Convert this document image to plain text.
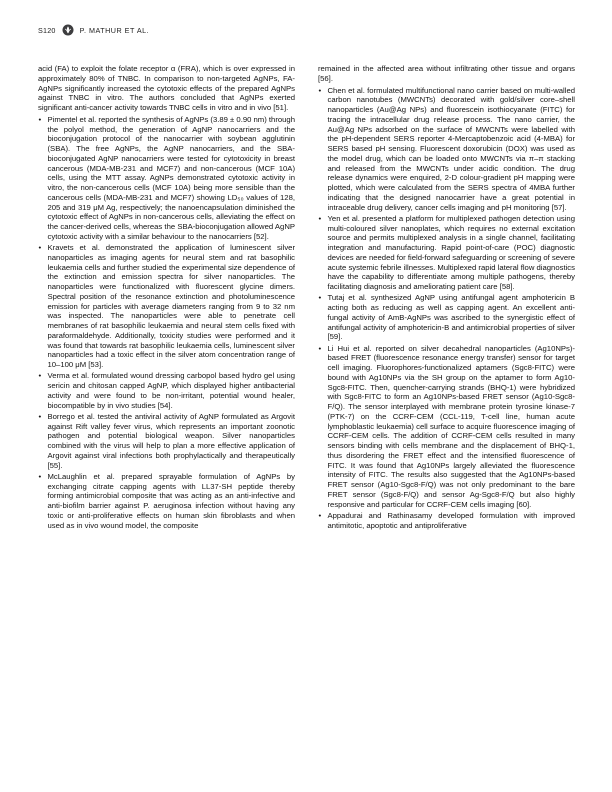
S120	P. MATHUR ET AL.

acid (FA) to exploit the folate receptor α (FRA), which is over expressed in approximately 80% of TNBC. In comparison to non-targeted AgNPs, FA-AgNPs significantly increased the cytotoxic effects of the prepared AgNPs against TNBC in vitro. The authors concluded that AgNPs exerted significant anti-cancer activity towards TNBC cells in vitro and in vivo [51].

• Pimentel et al. reported the synthesis of AgNPs (3.89 ± 0.90 nm) through the polyol method, the generation of AgNP nanocarriers and the bioconjugation protocol of the nanocarrier with soybean agglutinin (SBA). The free AgNPs, the AgNP nanocarriers, and the SBA-bioconjugated AgNP nanocarriers were tested for cytotoxicity in breast cancerous (MDA-MB-231 and MCF7) and non-cancerous (MCF 10A) cells, using the MTT assay. AgNPs demonstrated cytotoxic activity in vitro, the non-cancerous cells (MCF 10A) being more sensible than the cancerous cells (MDA-MB-231 and MCF7) showing LD₅₀ values of 128, 205 and 319 μM Ag, respectively; the nanoencapsulation diminished the cytotoxic effect of AgNPs in non-cancerous cells, alleviating the effect on the cancer-derived cells, whereas the SBA-bioconjugation allowed AgNP cytotoxic activity with a similar behaviour to the nanocarriers [52].
• Kravets et al. demonstrated the application of luminescent silver nanoparticles as imaging agents for neural stem and rat basophilic leukaemia cells and further studied the experimental size dependence of the extinction and emission spectra for silver nanoparticles. The nanoparticles were functionalized with fluorescent glycine dimers. Spectral position of the resonance extinction and photoluminescence emission for particles with average diameters ranging from 9 to 32 nm was inspected. The nanoparticles were able to penetrate cell membranes of rat basophilic leukaemia and neural stem cells fixed with paraformaldehyde. Additionally, toxicity studies were performed and it was found that towards rat basophilic leukaemia cells, luminescent silver nanoparticles had a toxic effect in the silver atom concentration range of 10–100 μM [53].
• Verma et al. formulated wound dressing carbopol based hydro gel using sericin and chitosan capped AgNP, which displayed higher antibacterial activity and were found to be non-irritant, potential wound healer, biocompatible by in vivo studies [54].
• Borrego et al. tested the antiviral activity of AgNP formulated as Argovit against Rift valley fever virus, which represents an important zoonotic pathogen and potential biological weapon. Silver nanoparticles combined with the virus will help to plan a more effective application of Argovit against viral infections both prophylactically and therapeutically [55].
• McLaughlin et al. prepared sprayable formulation of AgNPs by exchanging citrate capping agents with LL37-SH peptide thereby forming antimicrobial composite that was acting as an anti-infective and anti-biofilm barrier against P. aeruginosa infection without having any toxic or anti-proliferative effects on human skin fibroblasts and when used as in vivo wound model, the composite

remained in the affected area without infiltrating other tissue and organs [56].

• Chen et al. formulated multifunctional nano carrier based on multi-walled carbon nanotubes (MWCNTs) decorated with gold/silver core–shell nanoparticles (Au@Ag NPs) and fluorescein isothiocyanate (FITC) for tracing the intracellular drug release process. The nano carrier, the Au@Ag NPs adsorbed on the surface of MWCNTs were labelled with the pH-dependent SERS reporter 4-Mercaptobenzoic acid (4-MBA) for SERS based pH sensing. Fluorescent doxorubicin (DOX) was used as the model drug, which can be loaded onto MWCNTs via π–π stacking and released from the MWCNTs under acidic condition. The drug release dynamics were enquired, 2-D colour-gradient pH mapping were plotted, which were calculated from the SERS spectra of 4MBA further indicating that the designed nanocarrier have a great potential in intraceable drug delivery, cancer cells imaging and pH monitoring [57].
• Yen et al. presented a platform for multiplexed pathogen detection using multi-coloured silver nanoplates, which requires no external excitation source and permits multiplexed analysis in a single channel, facilitating integration and manufacturing. Rapid point-of-care (POC) diagnostic devices are needed for field-forward safeguarding or screening of severe acute systemic febrile illnesses. Multiplexed rapid lateral flow diagnostics have the capability to differentiate among multiple pathogens, thereby facilitating diagnosis and ameliorating patient care [58].
• Tutaj et al. synthesized AgNP using antifungal agent amphotericin B acting both as reducing as well as capping agent. An excellent anti-fungal activity of AmB-AgNPs was ascribed to the synergistic effect of antifungal activity of amphotericin-B and antimicrobial properties of silver [59].
• Li Hui et al. reported on silver decahedral nanoparticles (Ag10NPs)-based FRET (fluorescence resonance energy transfer) sensor for target cell imaging. Fluorophores-functionalized aptamers (Sgc8-FITC) were bound with Ag10NPs via the SH group on the aptamer to form Ag10-Sgc8-FITC. Then, quencher-carrying strands (BHQ-1) were hybridized with Sgc8-FITC to form an Ag10NPs-based FRET sensor (Ag10-Sgc8-F/Q). The sensor interplayed with membrane protein tyrosine kinase-7 (PTK-7) on the CCRF-CEM (CCL-119, T-cell line, human acute lymphoblastic leukaemia) cell surface to acquire fluorescence imaging of CCRF-CEM cells. The addition of CCRF-CEM cells resulted in many sensors binding with cells membrane and the displacement of BHQ-1, thus disordering the FRET effect and the intensified fluorescence of FITC. It was found that Ag10NPs largely alleviated the fluorescence intensity of FITC. The results also suggested that the Ag10NPs-based FRET sensor (Ag10-Sgc8-F/Q) was not only predominant to the bare FRET sensor (Sgc8-F/Q) and sensor Ag-Sgc8-F/Q but also highly responsive and particular for CCRF-CEM cells imaging [60].
• Appadurai and Rathinasamy developed formulation with improved antimitotic, apoptotic and antiproliferative
